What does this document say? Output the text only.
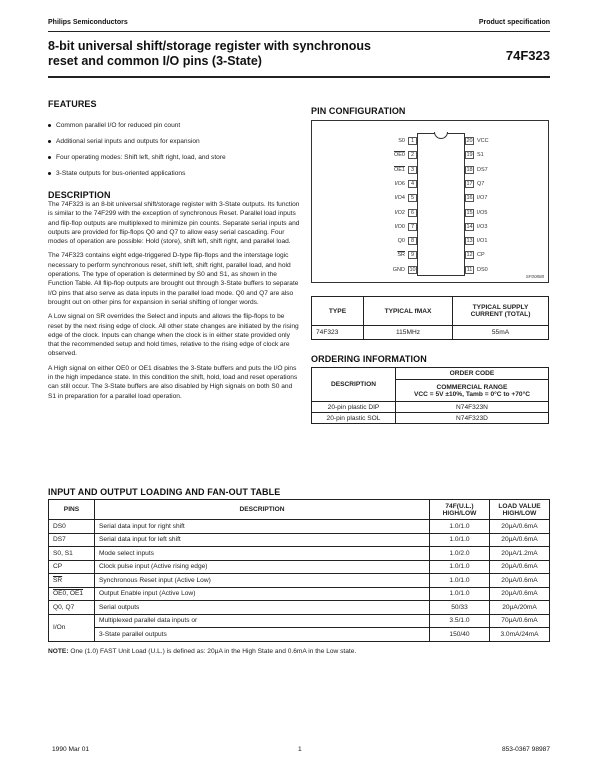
Philips Semiconductors	Product specification
8-bit universal shift/storage register with synchronous
reset and common I/O pins (3-State)	74F323
FEATURES
Common parallel I/O for reduced pin count
Additional serial inputs and outputs for expansion
Four operating modes: Shift left, shift right, load, and store
3-State outputs for bus-oriented applications
DESCRIPTION

The 74F323 is an 8-bit universal shift/storage register with 3-State outputs. Its function is similar to the 74F299 with the exception of synchronous Reset. Parallel load inputs and flip-flop outputs are multiplexed to minimize pin counts. Separate serial inputs and outputs are provided for flip-flops Q0 and Q7 to allow easy serial cascading. Four modes of operation are possible: Hold (store), shift left, shift right, and parallel load.

The 74F323 contains eight edge-triggered D-type flip-flops and the interstage logic necessary to perform synchronous reset, shift left, shift right, parallel load, and hold operations. The type of operation is determined by S0 and S1, as shown in the Function Table. All flip-flop outputs are brought out through 3-State buffers to separate I/O pins that also serve as data inputs in the parallel load mode. Q0 and Q7 are also brought out on other pins for expansion in serial shifting of longer words.

A Low signal on SR overrides the Select and inputs and allows the flip-flops to be reset by the next rising edge of clock. All other state changes are initiated by the rising edge of the clock. Inputs can change when the clock is in either state provided only that the recommended setup and hold times, relative to the rising edge of clock are observed.

A High signal on either OE0 or OE1 disables the 3-State buffers and puts the I/O pins in the high impedance state. In this condition the shift, hold, load and reset operations can still occur. The 3-State buffers are also disabled by High signals on both S0 and S1 in preparation for a parallel load operation.

PIN CONFIGURATION
S0 1
OE0 2
OE1 3
I/O6 4
I/O4 5
I/O2 6
I/O0 7
Q0 8
$\overline{SR}$ 9
GND 10
20 VCC
19 S1
18 DS7
17 Q7
16 I/O7
15 I/O5
14 I/O3
13 I/O1
12 CP
11 DS0
SF00888
TYPE	TYPICAL fMAX	TYPICAL SUPPLY CURRENT (TOTAL)
74F323	115MHz	55mA
ORDERING INFORMATION
DESCRIPTION	ORDER CODE

	COMMERCIAL RANGE
VCC = 5V ±10%, Tamb = 0°C to +70°C

20-pin plastic DIP	N74F323N
20-pin plastic SOL	N74F323D
INPUT AND OUTPUT LOADING AND FAN-OUT TABLE
PINS	DESCRIPTION	74F(U.L.) HIGH/LOW	LOAD VALUE HIGH/LOW
DS0	Serial data input for right shift	1.0/1.0	20µA/0.6mA
DS7	Serial data input for left shift	1.0/1.0	20µA/0.6mA
S0, S1	Mode select inputs	1.0/2.0	20µA/1.2mA
CP	Clock pulse input (Active rising edge)	1.0/1.0	20µA/0.6mA
$\overline{SR}$	Synchronous Reset input (Active Low)	1.0/1.0	20µA/0.6mA
OE0, OE1	Output Enable input (Active Low)	1.0/1.0	20µA/0.6mA
Q0, Q7	Serial outputs	50/33	20µA/20mA
I/On	Multiplexed parallel data inputs or	3.5/1.0	70µA/0.6mA
	3-State parallel outputs	150/40	3.0mA/24mA
NOTE: One (1.0) FAST Unit Load (U.L.) is defined as: 20µA in the High State and 0.6mA in the Low state.
1990 Mar 01	1	853-0367 98987
